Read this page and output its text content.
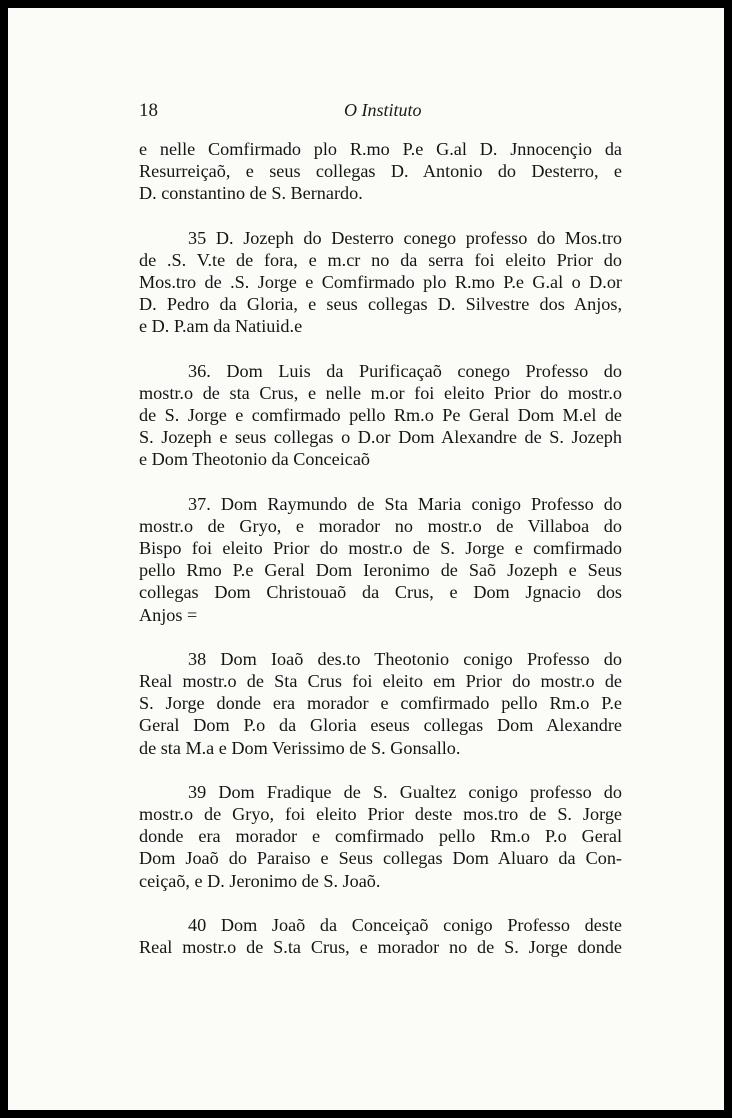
18	O Instituto
e nelle Comfirmado plo R.mo P.e G.al D. Jnnocençio da
Resurreiçaõ, e seus collegas D. Antonio do Desterro, e
D. constantino de S. Bernardo.
35 D. Jozeph do Desterro conego professo do Mos.tro
de .S. V.te de fora, e m.cr no da serra foi eleito Prior do
Mos.tro de .S. Jorge e Comfirmado plo R.mo P.e G.al o D.or
D. Pedro da Gloria, e seus collegas D. Silvestre dos Anjos,
e D. P.am da Natiuid.e
36. Dom Luis da Purificaçaõ conego Professo do
mostr.o de sta Crus, e nelle m.or foi eleito Prior do mostr.o
de S. Jorge e comfirmado pello Rm.o Pe Geral Dom M.el de
S. Jozeph e seus collegas o D.or Dom Alexandre de S. Jozeph
e Dom Theotonio da Conceicaõ
37. Dom Raymundo de Sta Maria conigo Professo do
mostr.o de Gryo, e morador no mostr.o de Villaboa do
Bispo foi eleito Prior do mostr.o de S. Jorge e comfirmado
pello Rmo P.e Geral Dom Ieronimo de Saõ Jozeph e Seus
collegas Dom Christouaõ da Crus, e Dom Jgnacio dos
Anjos =
38 Dom Ioaõ des.to Theotonio conigo Professo do
Real mostr.o de Sta Crus foi eleito em Prior do mostr.o de
S. Jorge donde era morador e comfirmado pello Rm.o P.e
Geral Dom P.o da Gloria eseus collegas Dom Alexandre
de sta M.a e Dom Verissimo de S. Gonsallo.
39 Dom Fradique de S. Gualtez conigo professo do
mostr.o de Gryo, foi eleito Prior deste mos.tro de S. Jorge
donde era morador e comfirmado pello Rm.o P.o Geral
Dom Joaõ do Paraiso e Seus collegas Dom Aluaro da Con-
ceiçaõ, e D. Jeronimo de S. Joaõ.
40 Dom Joaõ da Conceiçaõ conigo Professo deste
Real mostr.o de S.ta Crus, e morador no de S. Jorge donde
